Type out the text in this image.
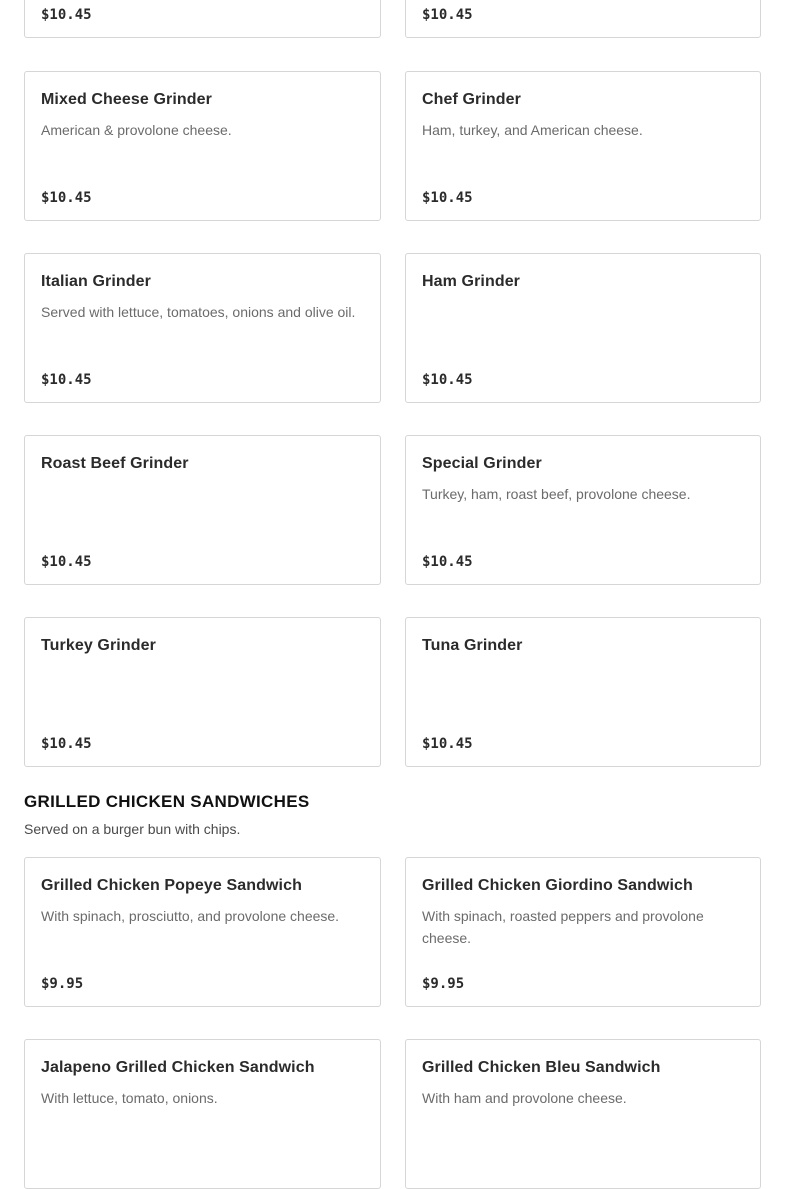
$10.45	$10.45
Mixed Cheese Grinder
American & provolone cheese.
$10.45
Chef Grinder
Ham, turkey, and American cheese.
$10.45
Italian Grinder
Served with lettuce, tomatoes, onions and olive oil.
$10.45
Ham Grinder
$10.45
Roast Beef Grinder
$10.45
Special Grinder
Turkey, ham, roast beef, provolone cheese.
$10.45
Turkey Grinder
$10.45
Tuna Grinder
$10.45
GRILLED CHICKEN SANDWICHES
Served on a burger bun with chips.
Grilled Chicken Popeye Sandwich
With spinach, prosciutto, and provolone cheese.
$9.95
Grilled Chicken Giordino Sandwich
With spinach, roasted peppers and provolone cheese.
$9.95
Jalapeno Grilled Chicken Sandwich
With lettuce, tomato, onions.
Grilled Chicken Bleu Sandwich
With ham and provolone cheese.
